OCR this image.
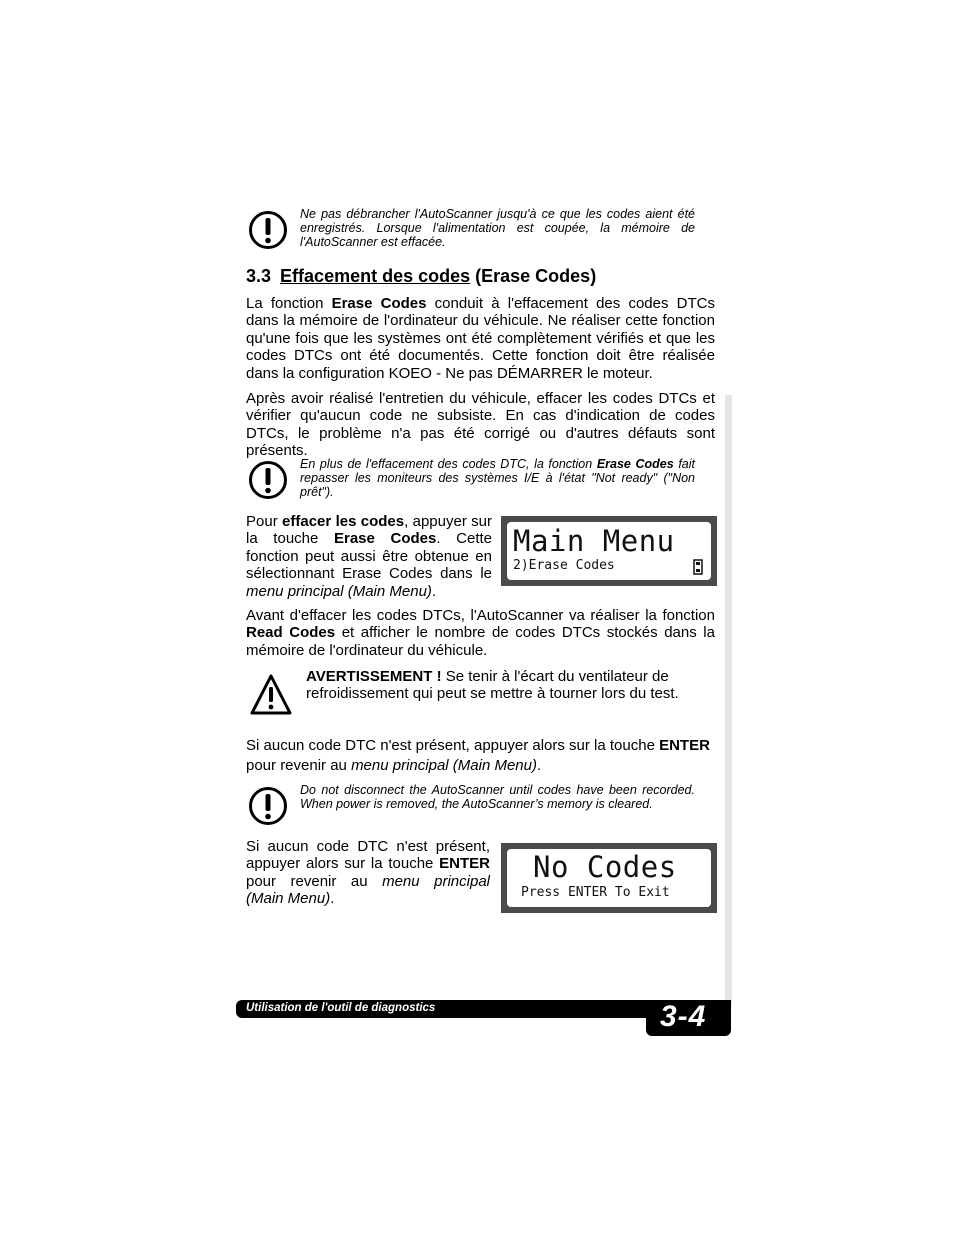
Ne pas débrancher l'AutoScanner jusqu'à ce que les codes aient été enregistrés. Lorsque l'alimentation est coupée, la mémoire de l'AutoScanner est effacée.
3.3 Effacement des codes (Erase Codes)
La fonction Erase Codes conduit à l'effacement des codes DTCs dans la mémoire de l'ordinateur du véhicule. Ne réaliser cette fonction qu'une fois que les systèmes ont été complètement vérifiés et que les codes DTCs ont été documentés. Cette fonction doit être réalisée dans la configuration KOEO - Ne pas DÉMARRER le moteur.
Après avoir réalisé l'entretien du véhicule, effacer les codes DTCs et vérifier qu'aucun code ne subsiste. En cas d'indication de codes DTCs, le problème n'a pas été corrigé ou d'autres défauts sont présents.
En plus de l'effacement des codes DTC, la fonction Erase Codes fait repasser les moniteurs des systèmes I/E à l'état "Not ready" ("Non prêt").
Pour effacer les codes, appuyer sur la touche Erase Codes. Cette fonction peut aussi être obtenue en sélectionnant Erase Codes dans le menu principal (Main Menu).
Main Menu
2)Erase Codes
Avant d'effacer les codes DTCs, l'AutoScanner va réaliser la fonction Read Codes et afficher le nombre de codes DTCs stockés dans la mémoire de l'ordinateur du véhicule.
AVERTISSEMENT ! Se tenir à l'écart du ventilateur de refroidissement qui peut se mettre à tourner lors du test.
Si aucun code DTC n'est présent, appuyer alors sur la touche ENTER pour revenir au menu principal (Main Menu).
Do not disconnect the AutoScanner until codes have been recorded. When power is removed, the AutoScanner’s memory is cleared.
Si aucun code DTC n'est présent, appuyer alors sur la touche ENTER pour revenir au menu principal (Main Menu).
No Codes
Press ENTER To Exit
Utilisation de l'outil de diagnostics	3-4
